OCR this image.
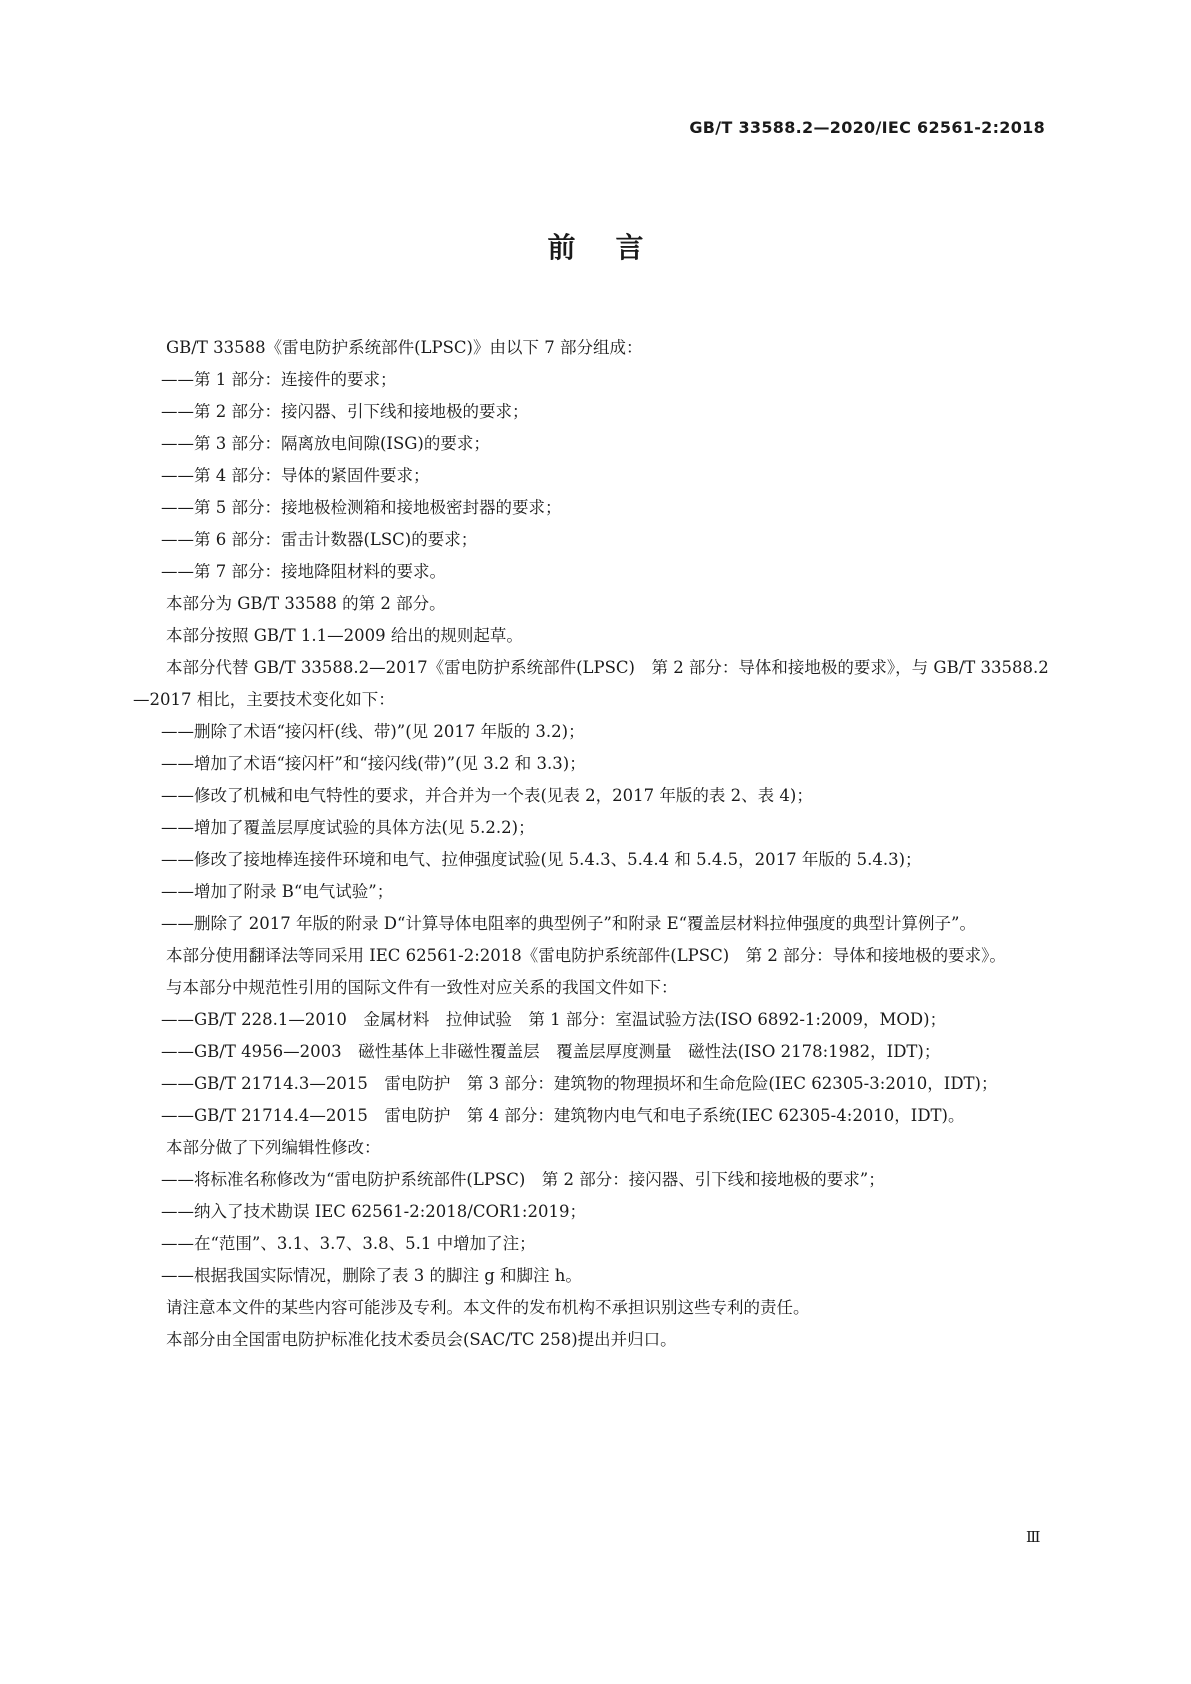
GB/T 33588.2—2020/IEC 62561-2:2018
前言

GB/T 33588《雷电防护系统部件(LPSC)》由以下 7 部分组成：

——第 1 部分：连接件的要求；

——第 2 部分：接闪器、引下线和接地极的要求；

——第 3 部分：隔离放电间隙(ISG)的要求；

——第 4 部分：导体的紧固件要求；

——第 5 部分：接地极检测箱和接地极密封器的要求；

——第 6 部分：雷击计数器(LSC)的要求；

——第 7 部分：接地降阻材料的要求。

本部分为 GB/T 33588 的第 2 部分。

本部分按照 GB/T 1.1—2009 给出的规则起草。

本部分代替 GB/T 33588.2—2017《雷电防护系统部件(LPSC)　第 2 部分：导体和接地极的要求》，与 GB/T 33588.2—2017 相比，主要技术变化如下：

——删除了术语“接闪杆(线、带)”(见 2017 年版的 3.2)；

——增加了术语“接闪杆”和“接闪线(带)”(见 3.2 和 3.3)；

——修改了机械和电气特性的要求，并合并为一个表(见表 2，2017 年版的表 2、表 4)；

——增加了覆盖层厚度试验的具体方法(见 5.2.2)；

——修改了接地棒连接件环境和电气、拉伸强度试验(见 5.4.3、5.4.4 和 5.4.5，2017 年版的 5.4.3)；

——增加了附录 B“电气试验”；

——删除了 2017 年版的附录 D“计算导体电阻率的典型例子”和附录 E“覆盖层材料拉伸强度的典型计算例子”。

本部分使用翻译法等同采用 IEC 62561-2:2018《雷电防护系统部件(LPSC)　第 2 部分：导体和接地极的要求》。

与本部分中规范性引用的国际文件有一致性对应关系的我国文件如下：

——GB/T 228.1—2010　金属材料　拉伸试验　第 1 部分：室温试验方法(ISO 6892-1:2009，MOD)；

——GB/T 4956—2003　磁性基体上非磁性覆盖层　覆盖层厚度测量　磁性法(ISO 2178:1982，IDT)；

——GB/T 21714.3—2015　雷电防护　第 3 部分：建筑物的物理损坏和生命危险(IEC 62305-3:2010，IDT)；

——GB/T 21714.4—2015　雷电防护　第 4 部分：建筑物内电气和电子系统(IEC 62305-4:2010，IDT)。

本部分做了下列编辑性修改：

——将标准名称修改为“雷电防护系统部件(LPSC)　第 2 部分：接闪器、引下线和接地极的要求”；

——纳入了技术勘误 IEC 62561-2:2018/COR1:2019；

——在“范围”、3.1、3.7、3.8、5.1 中增加了注；

——根据我国实际情况，删除了表 3 的脚注 g 和脚注 h。

请注意本文件的某些内容可能涉及专利。本文件的发布机构不承担识别这些专利的责任。

本部分由全国雷电防护标准化技术委员会(SAC/TC 258)提出并归口。

Ⅲ
